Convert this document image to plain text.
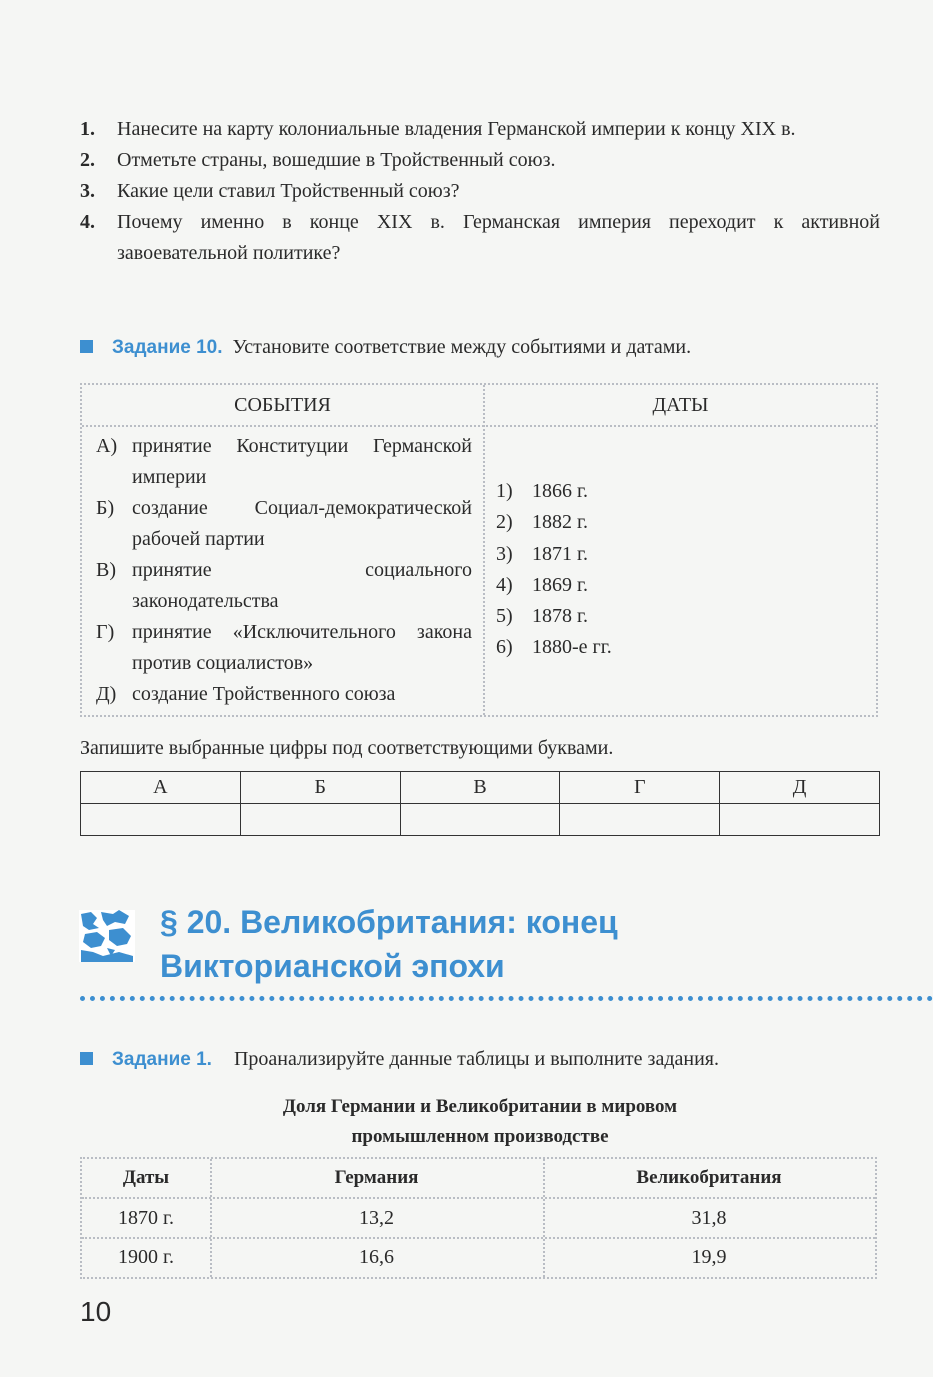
1.	Нанесите на карту колониальные владения Германской империи к концу XIX в.
2.	Отметьте страны, вошедшие в Тройственный союз.
3.	Какие цели ставил Тройственный союз?
4.	Почему именно в конце XIX в. Германская империя переходит к активной завоевательной политике?
Задание 10. Установите соответствие между событиями и датами.
СОБЫТИЯ	ДАТЫ
А) принятие Конституции Германской империи
Б) создание Социал-демократической рабочей партии
В) принятие социального законодательства
Г) принятие «Исключительного закона против социалистов»
Д) создание Тройственного союза
1) 1866 г.
2) 1882 г.
3) 1871 г.
4) 1869 г.
5) 1878 г.
6) 1880-е гг.
Запишите выбранные цифры под соответствующими буквами.
А	Б	В	Г	Д

§ 20. Великобритания: конец
Викторианской эпохи
Задание 1. Проанализируйте данные таблицы и выполните задания.
Доля Германии и Великобритании в мировом
промышленном производстве
Даты	Германия	Великобритания
1870 г.	13,2	31,8
1900 г.	16,6	19,9
10
